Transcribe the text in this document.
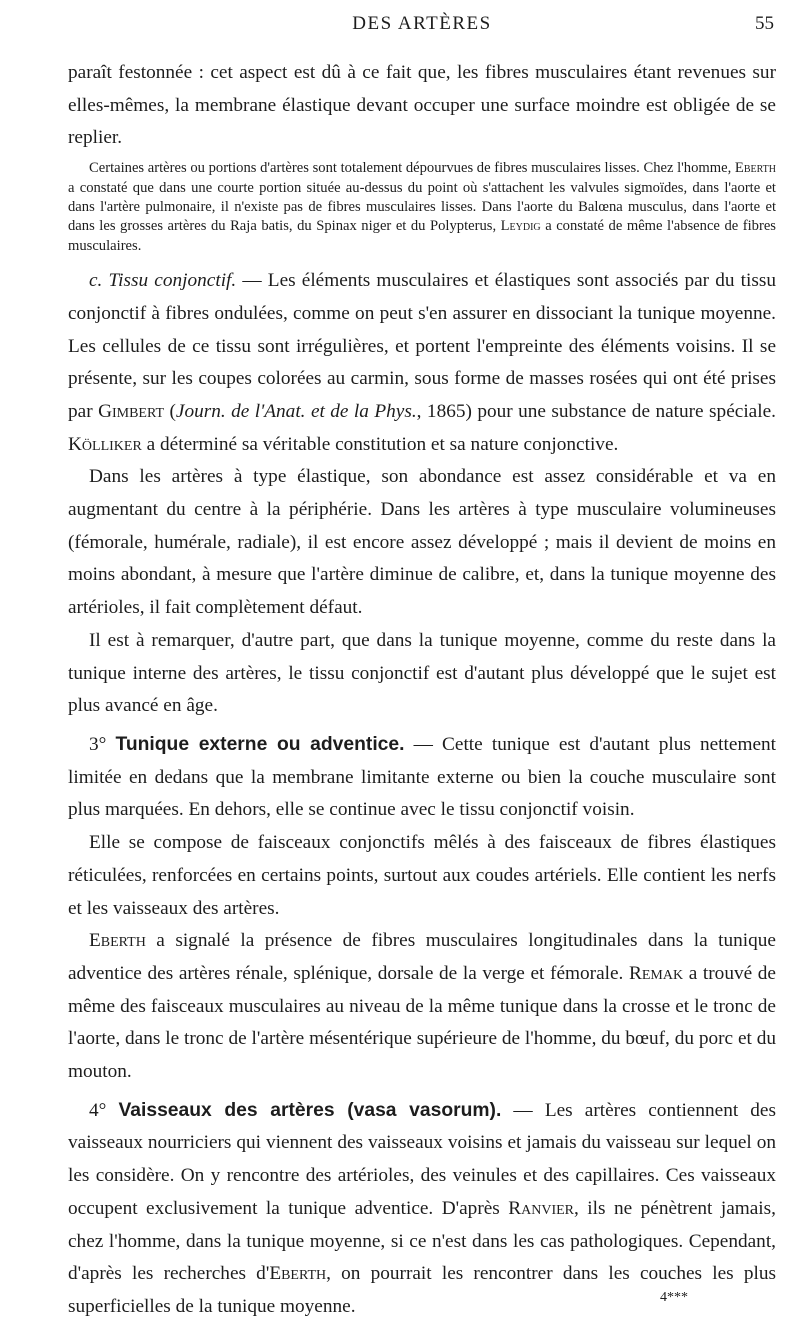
DES ARTÈRES	55

paraît festonnée : cet aspect est dû à ce fait que, les fibres musculaires étant revenues sur elles-mêmes, la membrane élastique devant occuper une surface moindre est obligée de se replier.

Certaines artères ou portions d'artères sont totalement dépourvues de fibres musculaires lisses. Chez l'homme, Eberth a constaté que dans une courte portion située au-dessus du point où s'attachent les valvules sigmoïdes, dans l'aorte et dans l'artère pulmonaire, il n'existe pas de fibres musculaires lisses. Dans l'aorte du Balœna musculus, dans l'aorte et dans les grosses artères du Raja batis, du Spinax niger et du Polypterus, Leydig a constaté de même l'absence de fibres musculaires.

c. Tissu conjonctif. — Les éléments musculaires et élastiques sont associés par du tissu conjonctif à fibres ondulées, comme on peut s'en assurer en dissociant la tunique moyenne. Les cellules de ce tissu sont irrégulières, et portent l'empreinte des éléments voisins. Il se présente, sur les coupes colorées au carmin, sous forme de masses rosées qui ont été prises par Gimbert (Journ. de l'Anat. et de la Phys., 1865) pour une substance de nature spéciale. Kölliker a déterminé sa véritable constitution et sa nature conjonctive.

Dans les artères à type élastique, son abondance est assez considérable et va en augmentant du centre à la périphérie. Dans les artères à type musculaire volumineuses (fémorale, humérale, radiale), il est encore assez développé ; mais il devient de moins en moins abondant, à mesure que l'artère diminue de calibre, et, dans la tunique moyenne des artérioles, il fait complètement défaut.

Il est à remarquer, d'autre part, que dans la tunique moyenne, comme du reste dans la tunique interne des artères, le tissu conjonctif est d'autant plus développé que le sujet est plus avancé en âge.

3° Tunique externe ou adventice. — Cette tunique est d'autant plus nettement limitée en dedans que la membrane limitante externe ou bien la couche musculaire sont plus marquées. En dehors, elle se continue avec le tissu conjonctif voisin.

Elle se compose de faisceaux conjonctifs mêlés à des faisceaux de fibres élastiques réticulées, renforcées en certains points, surtout aux coudes artériels. Elle contient les nerfs et les vaisseaux des artères.

Eberth a signalé la présence de fibres musculaires longitudinales dans la tunique adventice des artères rénale, splénique, dorsale de la verge et fémorale. Remak a trouvé de même des faisceaux musculaires au niveau de la même tunique dans la crosse et le tronc de l'aorte, dans le tronc de l'artère mésentérique supérieure de l'homme, du bœuf, du porc et du mouton.

4° Vaisseaux des artères (vasa vasorum). — Les artères contiennent des vaisseaux nourriciers qui viennent des vaisseaux voisins et jamais du vaisseau sur lequel on les considère. On y rencontre des artérioles, des veinules et des capillaires. Ces vaisseaux occupent exclusivement la tunique adventice. D'après Ranvier, ils ne pénètrent jamais, chez l'homme, dans la tunique moyenne, si ce n'est dans les cas pathologiques. Cependant, d'après les recherches d'Eberth, on pourrait les rencontrer dans les couches les plus superficielles de la tunique moyenne.	4***
